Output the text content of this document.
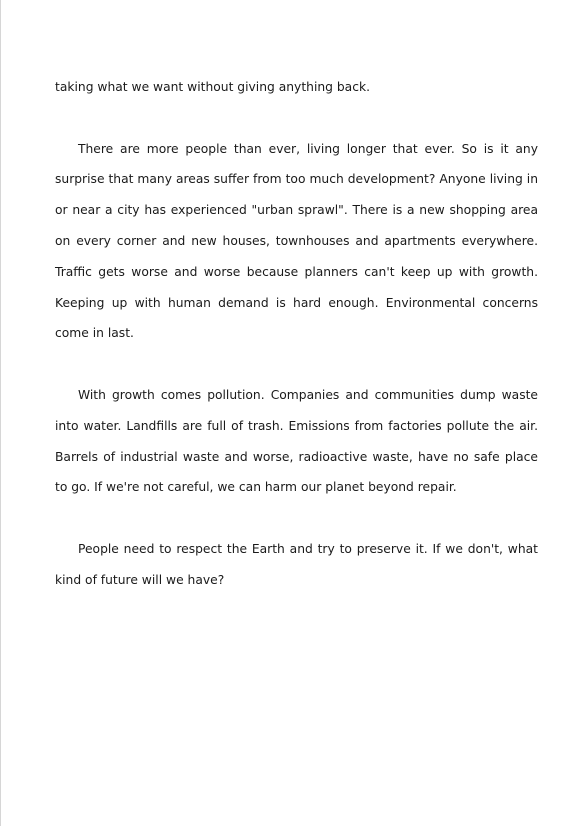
taking what we want without giving anything back.

There are more people than ever, living longer that ever. So is it any surprise that many areas suffer from too much development? Anyone living in or near a city has experienced "urban sprawl". There is a new shopping area on every corner and new houses, townhouses and apartments everywhere. Traffic gets worse and worse because planners can't keep up with growth. Keeping up with human demand is hard enough. Environmental concerns come in last.

With growth comes pollution. Companies and communities dump waste into water. Landfills are full of trash. Emissions from factories pollute the air. Barrels of industrial waste and worse, radioactive waste, have no safe place to go. If we're not careful, we can harm our planet beyond repair.

People need to respect the Earth and try to preserve it. If we don't, what kind of future will we have?
